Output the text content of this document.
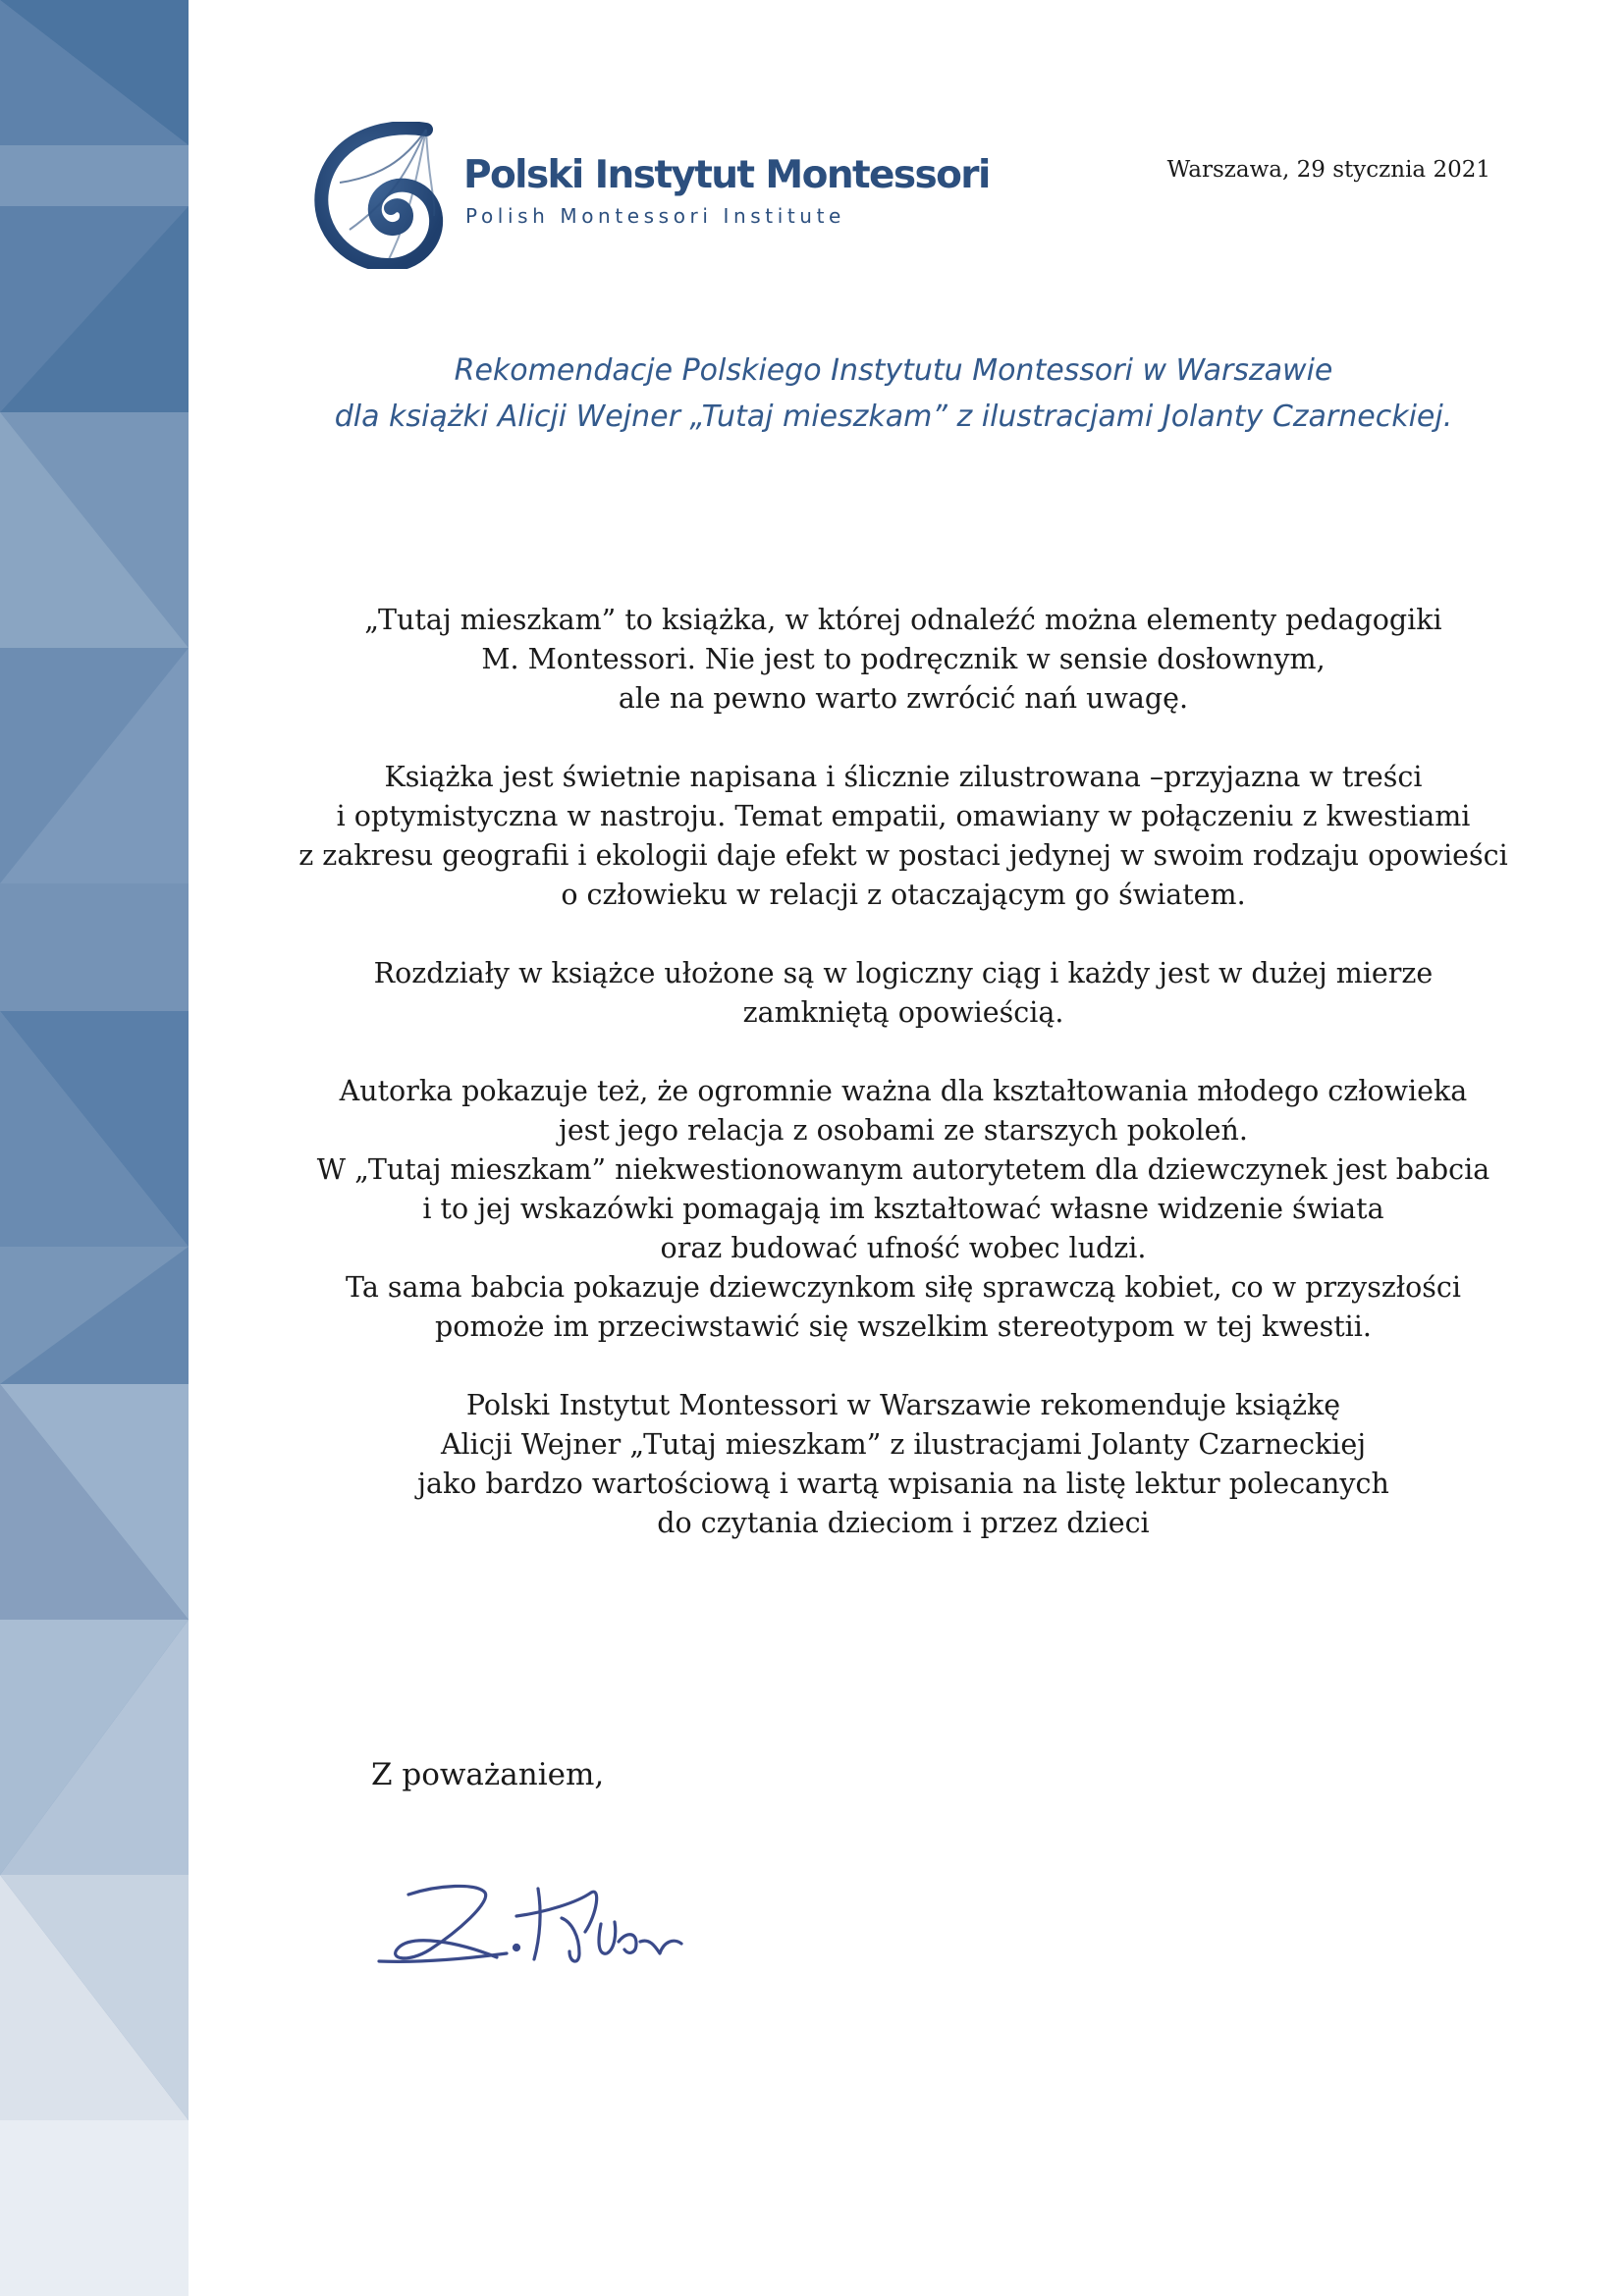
Polski Instytut Montessori
Polish Montessori Institute
Warszawa, 29 stycznia 2021
Rekomendacje Polskiego Instytutu Montessori w Warszawie
dla książki Alicji Wejner „Tutaj mieszkam” z ilustracjami Jolanty Czarneckiej.
„Tutaj mieszkam” to książka, w której odnaleźć można elementy pedagogiki
M. Montessori. Nie jest to podręcznik w sensie dosłownym,
ale na pewno warto zwrócić nań uwagę.
Książka jest świetnie napisana i ślicznie zilustrowana –przyjazna w treści
i optymistyczna w nastroju. Temat empatii, omawiany w połączeniu z kwestiami
z zakresu geografii i ekologii daje efekt w postaci jedynej w swoim rodzaju opowieści
o człowieku w relacji z otaczającym go światem.
Rozdziały w książce ułożone są w logiczny ciąg i każdy jest w dużej mierze
zamkniętą opowieścią.
Autorka pokazuje też, że ogromnie ważna dla kształtowania młodego człowieka
jest jego relacja z osobami ze starszych pokoleń.
W „Tutaj mieszkam” niekwestionowanym autorytetem dla dziewczynek jest babcia
i to jej wskazówki pomagają im kształtować własne widzenie świata
oraz budować ufność wobec ludzi.
Ta sama babcia pokazuje dziewczynkom siłę sprawczą kobiet, co w przyszłości
pomoże im przeciwstawić się wszelkim stereotypom w tej kwestii.
Polski Instytut Montessori w Warszawie rekomenduje książkę
Alicji Wejner „Tutaj mieszkam” z ilustracjami Jolanty Czarneckiej
jako bardzo wartościową i wartą wpisania na listę lektur polecanych
do czytania dzieciom i przez dzieci
Z poważaniem,
